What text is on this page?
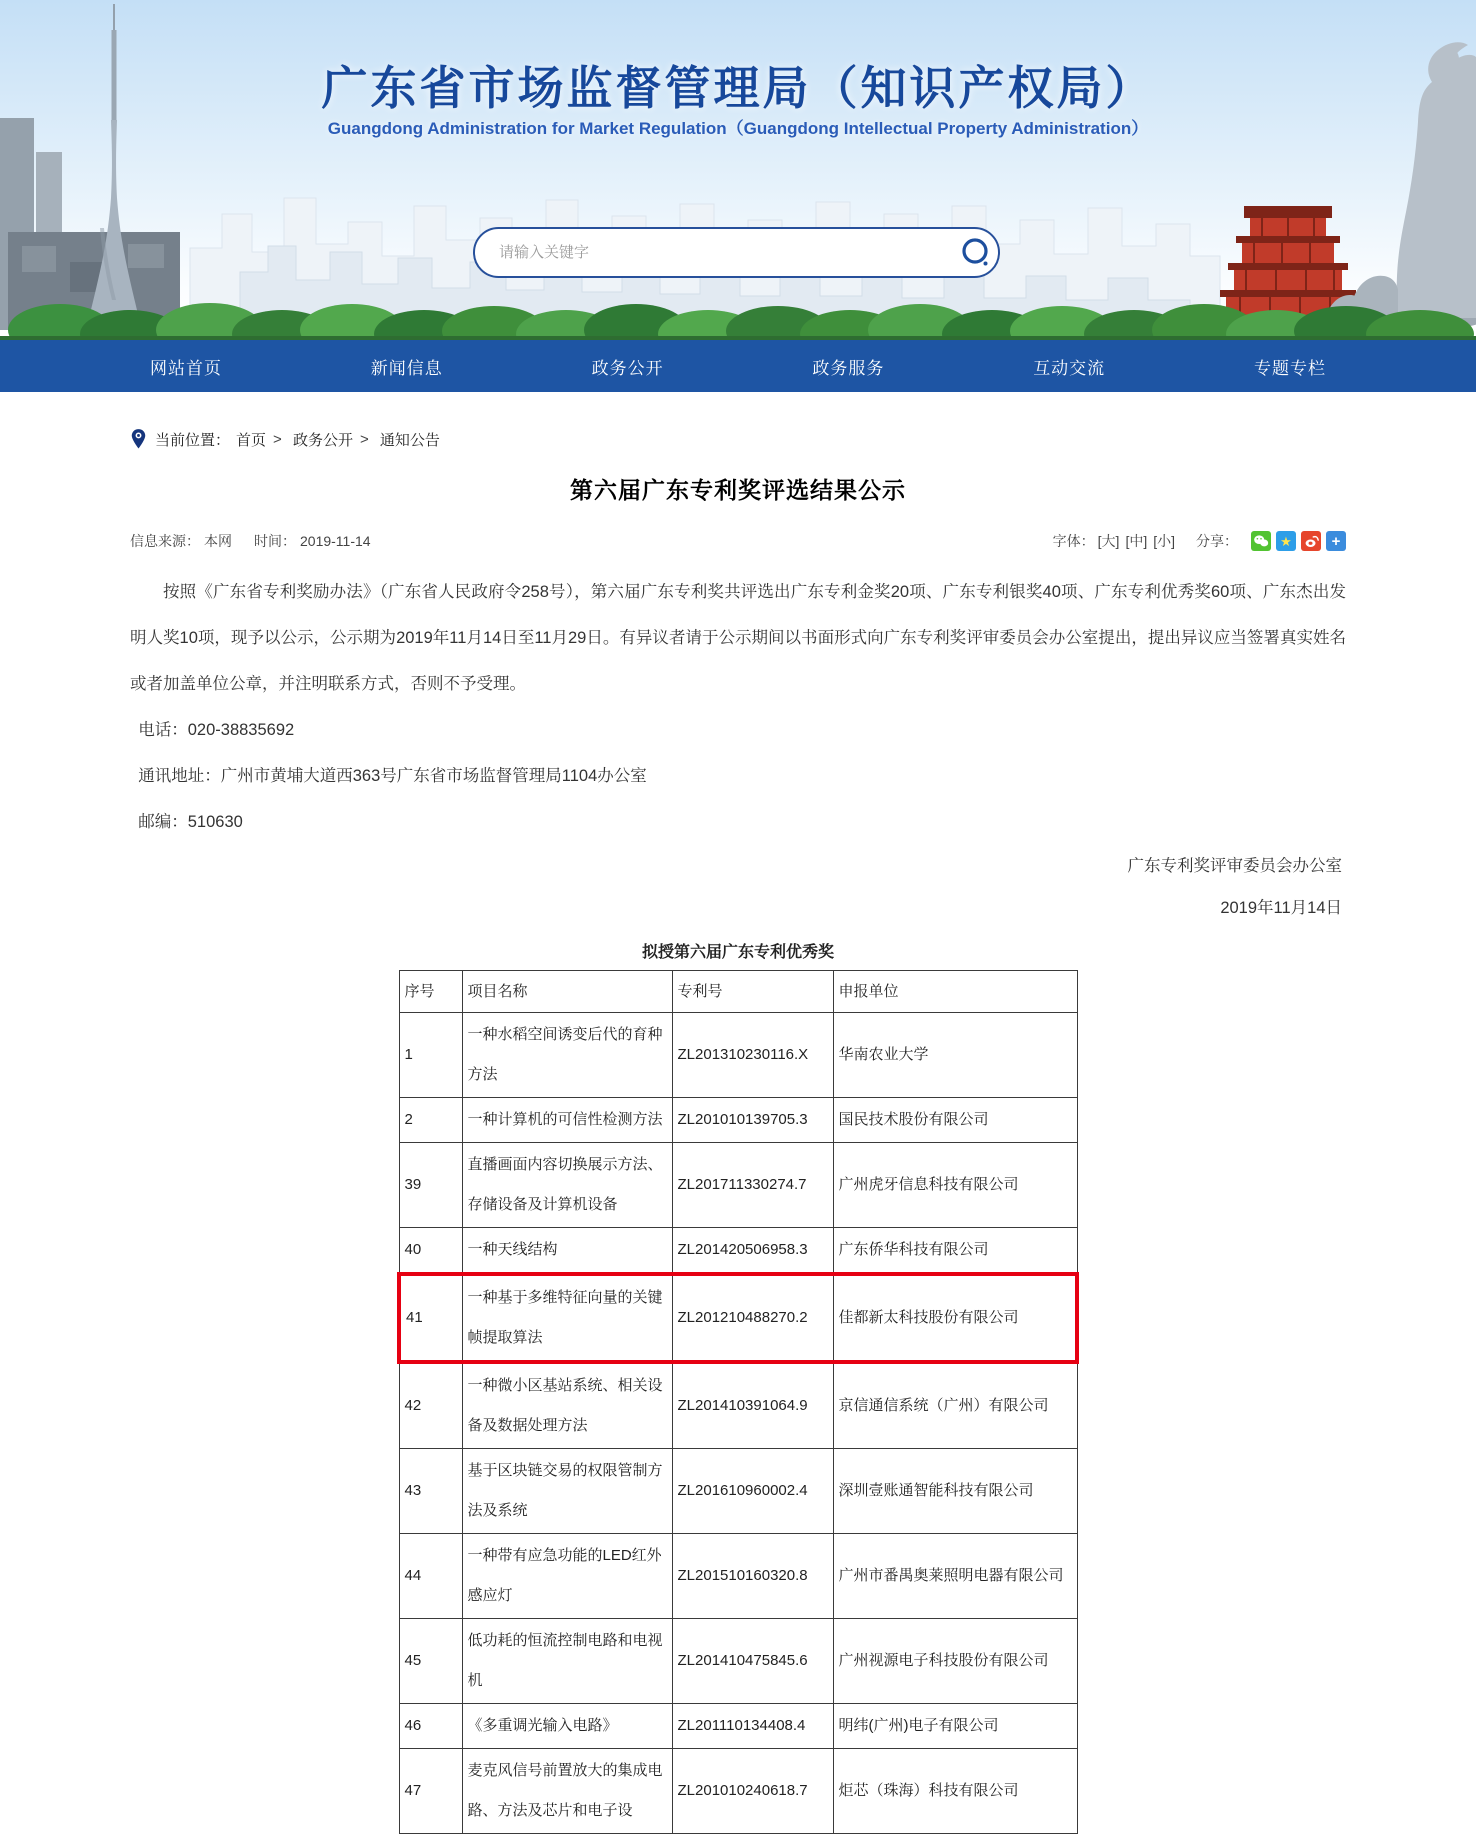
广东省市场监督管理局（知识产权局）
Guangdong Administration for Market Regulation（Guangdong Intellectual Property Administration）
请输入关键字
网站首页	新闻信息	政务公开	政务服务	互动交流	专题专栏
当前位置： 首页 >
政务公开 >
通知公告
第六届广东专利奖评选结果公示
信息来源： 本网 时间： 2019-11-14	字体： [大] [中] [小] 分享：	★	+

按照《广东省专利奖励办法》（广东省人民政府令258号），第六届广东专利奖共评选出广东专利金奖20项、广东专利银奖40项、广东专利优秀奖60项、广东杰出发明人奖10项，现予以公示，公示期为2019年11月14日至11月29日。有异议者请于公示期间以书面形式向广东专利奖评审委员会办公室提出，提出异议应当签署真实姓名或者加盖单位公章，并注明联系方式，否则不予受理。

电话：020-38835692

通讯地址：广州市黄埔大道西363号广东省市场监督管理局1104办公室

邮编：510630

广东专利奖评审委员会办公室
2019年11月14日
拟授第六届广东专利优秀奖
序号	项目名称	专利号	申报单位
1	一种水稻空间诱变后代的育种方法	ZL201310230116.X	华南农业大学
2	一种计算机的可信性检测方法	ZL201010139705.3	国民技术股份有限公司
39	直播画面内容切换展示方法、存储设备及计算机设备	ZL201711330274.7	广州虎牙信息科技有限公司
40	一种天线结构	ZL201420506958.3	广东侨华科技有限公司
41	一种基于多维特征向量的关键帧提取算法	ZL201210488270.2	佳都新太科技股份有限公司
42	一种微小区基站系统、相关设备及数据处理方法	ZL201410391064.9	京信通信系统（广州）有限公司
43	基于区块链交易的权限管制方法及系统	ZL201610960002.4	深圳壹账通智能科技有限公司
44	一种带有应急功能的LED红外感应灯	ZL201510160320.8	广州市番禺奥莱照明电器有限公司
45	低功耗的恒流控制电路和电视机	ZL201410475845.6	广州视源电子科技股份有限公司
46	《多重调光输入电路》	ZL201110134408.4	明纬(广州)电子有限公司
47	麦克风信号前置放大的集成电路、方法及芯片和电子设	ZL201010240618.7	炬芯（珠海）科技有限公司
